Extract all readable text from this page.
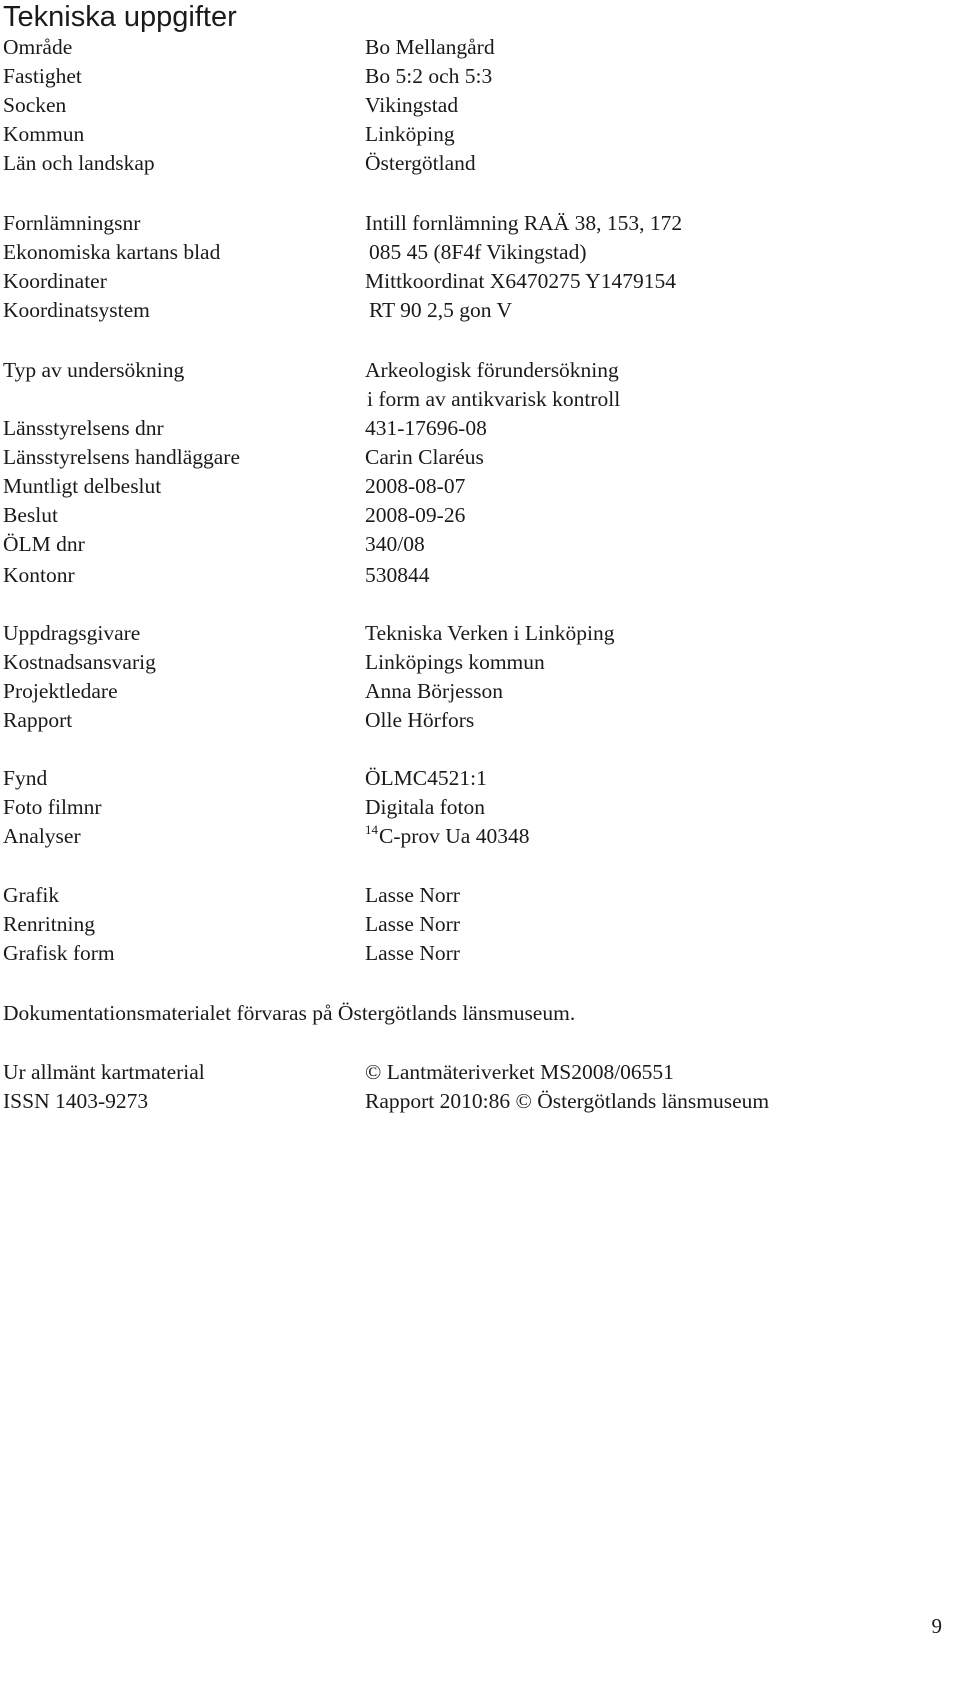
Tekniska uppgifter
Område	Bo Mellangård
Fastighet	Bo 5:2 och 5:3
Socken	Vikingstad
Kommun	Linköping
Län och landskap	Östergötland
Fornlämningsnr	Intill fornlämning RAÄ 38, 153, 172
Ekonomiska kartans blad	085 45 (8F4f Vikingstad)
Koordinater	Mittkoordinat X6470275 Y1479154
Koordinatsystem	RT 90 2,5 gon V
Typ av undersökning	Arkeologisk förundersökning
i form av antikvarisk kontroll
Länsstyrelsens dnr	431-17696-08
Länsstyrelsens handläggare	Carin Claréus
Muntligt delbeslut	2008-08-07
Beslut	2008-09-26
ÖLM dnr	340/08
Kontonr	530844
Uppdragsgivare	Tekniska Verken i Linköping
Kostnadsansvarig	Linköpings kommun
Projektledare	Anna Börjesson
Rapport	Olle Hörfors
Fynd	ÖLMC4521:1
Foto filmnr	Digitala foton
Analyser	$^{14}$C-prov Ua 40348
Grafik	Lasse Norr
Renritning	Lasse Norr
Grafisk form	Lasse Norr
Dokumentationsmaterialet förvaras på Östergötlands länsmuseum.
Ur allmänt kartmaterial	© Lantmäteriverket MS2008/06551
ISSN 1403-9273	Rapport 2010:86 © Östergötlands länsmuseum
9
